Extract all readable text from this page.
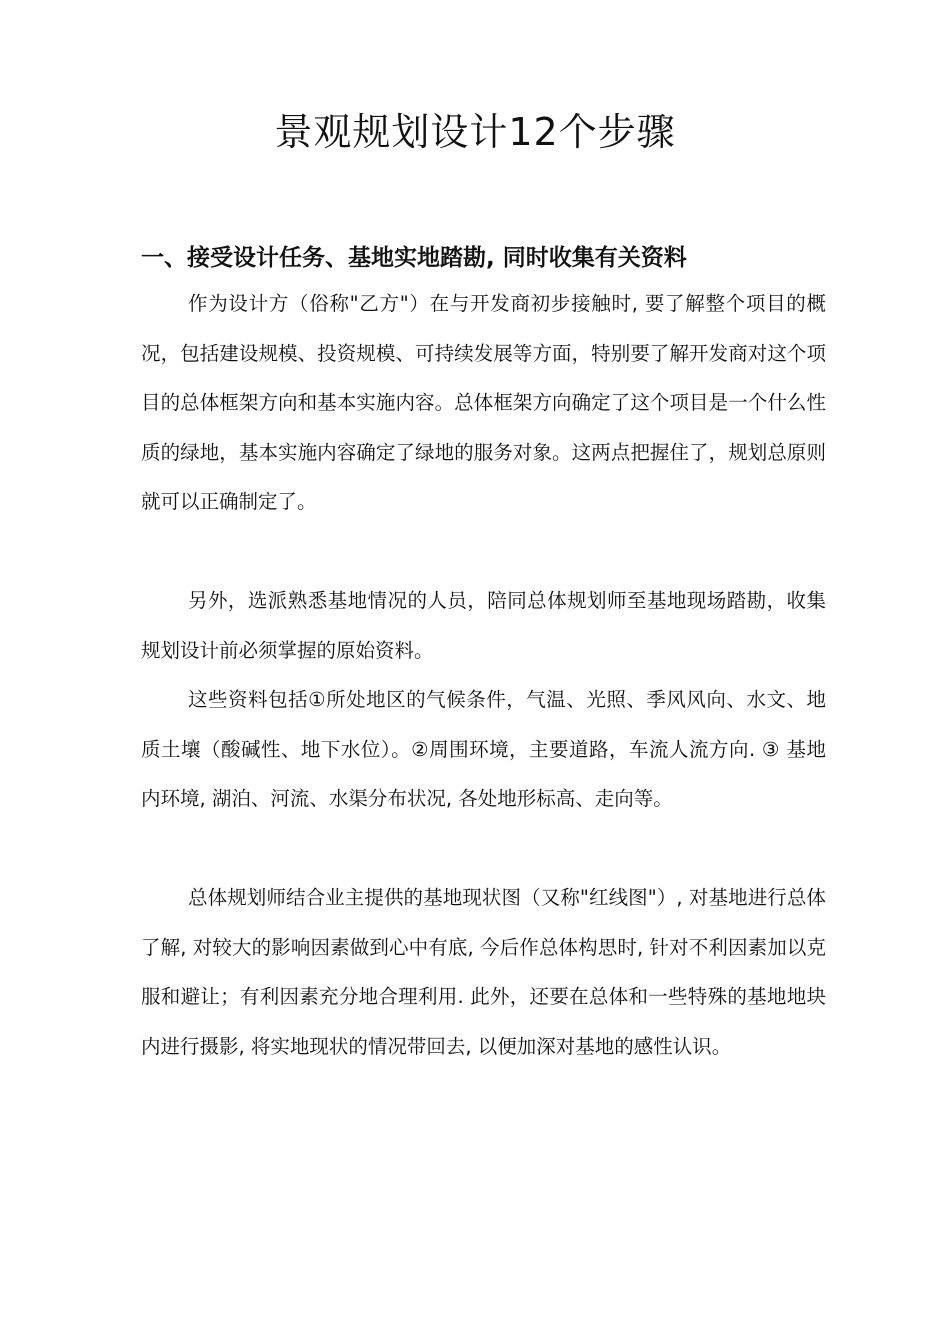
景观规划设计12个步骤
一、接受设计任务、基地实地踏勘, 同时收集有关资料

作为设计方（俗称"乙方"）在与开发商初步接触时, 要了解整个项目的概况，包括建设规模、投资规模、可持续发展等方面，特别要了解开发商对这个项目的总体框架方向和基本实施内容。总体框架方向确定了这个项目是一个什么性质的绿地，基本实施内容确定了绿地的服务对象。这两点把握住了，规划总原则就可以正确制定了。

另外，选派熟悉基地情况的人员，陪同总体规划师至基地现场踏勘，收集规划设计前必须掌握的原始资料。

这些资料包括①所处地区的气候条件，气温、光照、季风风向、水文、地质土壤（酸碱性、地下水位）。②周围环境，主要道路，车流人流方向. ③ 基地内环境, 湖泊、河流、水渠分布状况, 各处地形标高、走向等。

总体规划师结合业主提供的基地现状图（又称"红线图"）, 对基地进行总体了解, 对较大的影响因素做到心中有底, 今后作总体构思时, 针对不利因素加以克服和避让；有利因素充分地合理利用. 此外，还要在总体和一些特殊的基地地块内进行摄影, 将实地现状的情况带回去, 以便加深对基地的感性认识。
